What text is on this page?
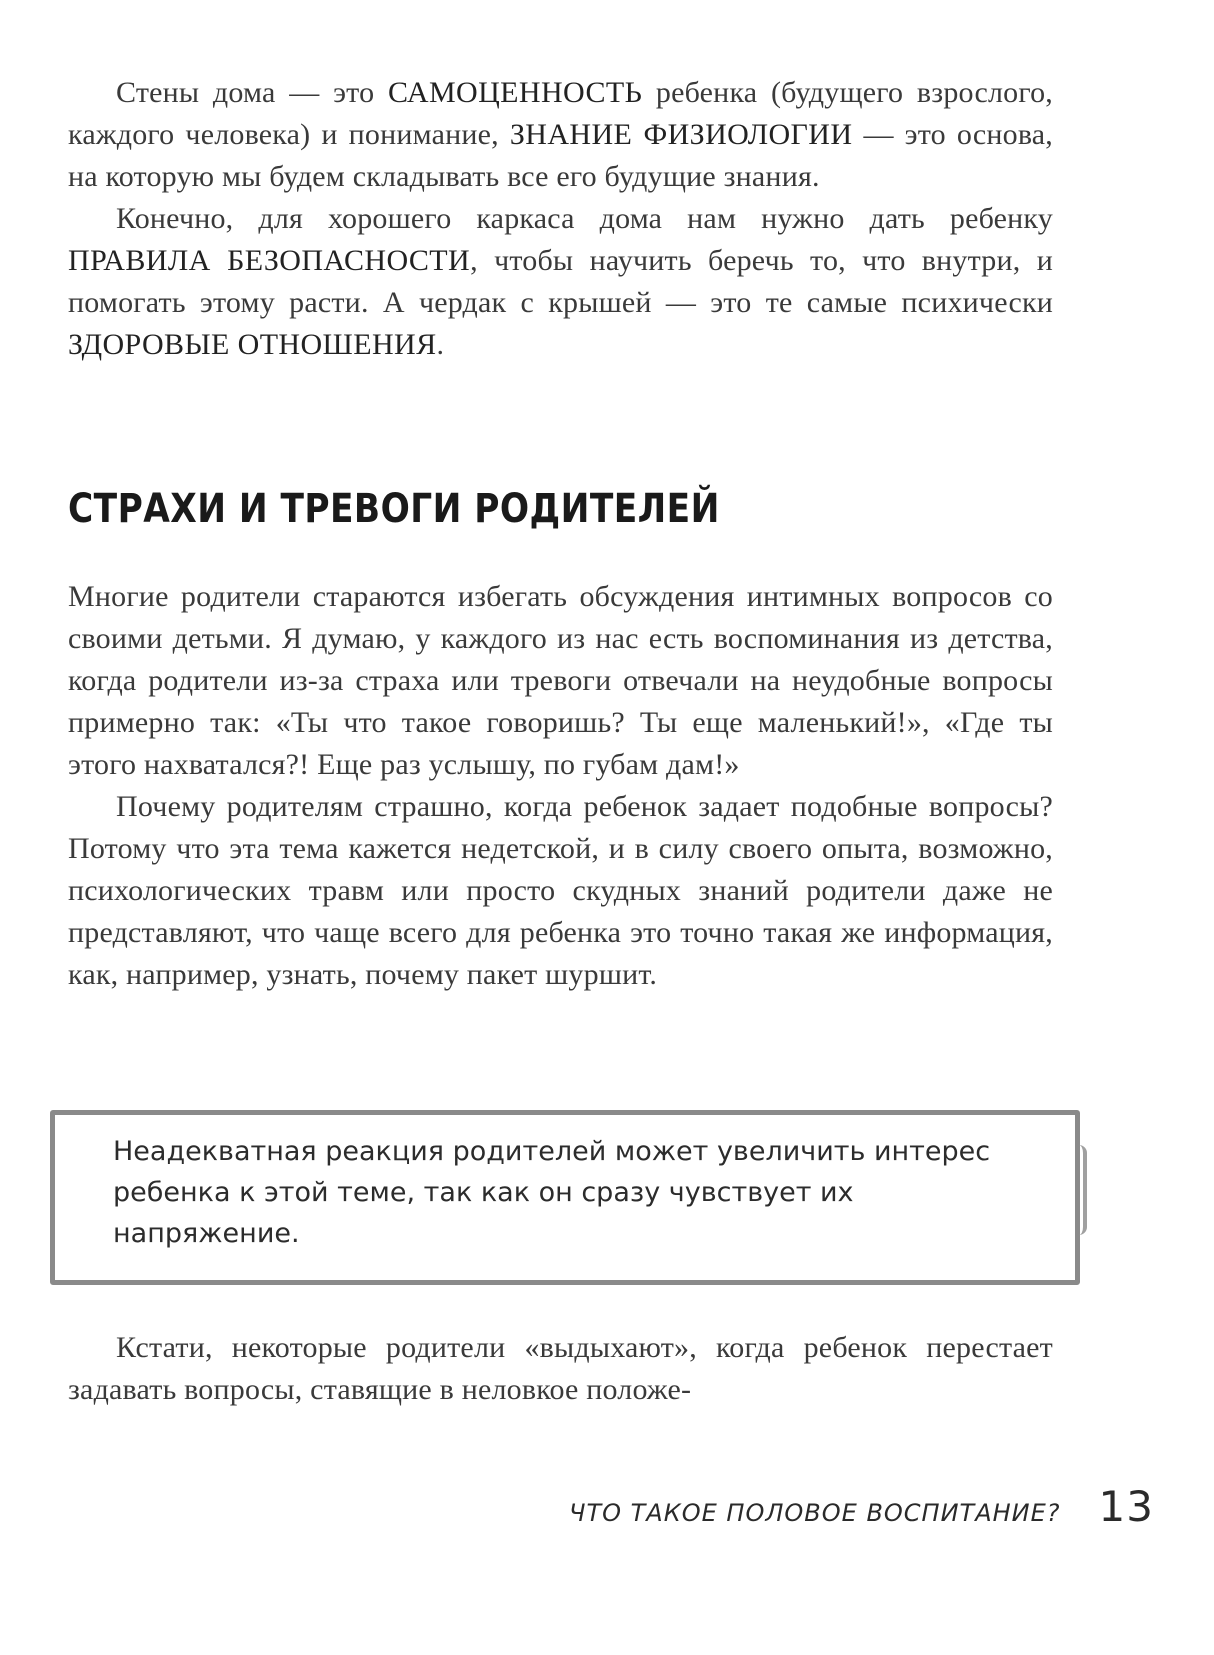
Стены дома — это САМОЦЕННОСТЬ ребенка (будущего взрослого, каждого человека) и понимание, ЗНАНИЕ ФИЗИОЛОГИИ — это основа, на которую мы будем складывать все его будущие знания.

Конечно, для хорошего каркаса дома нам нужно дать ребенку ПРАВИЛА БЕЗОПАСНОСТИ, чтобы научить беречь то, что внутри, и помогать этому расти. А чердак с крышей — это те самые психически ЗДОРОВЫЕ ОТНОШЕНИЯ.

СТРАХИ И ТРЕВОГИ РОДИТЕЛЕЙ

Многие родители стараются избегать обсуждения интимных вопросов со своими детьми. Я думаю, у каждого из нас есть воспоминания из детства, когда родители из-за страха или тревоги отвечали на неудобные вопросы примерно так: «Ты что такое говоришь? Ты еще маленький!», «Где ты этого нахватался?! Еще раз услышу, по губам дам!»

Почему родителям страшно, когда ребенок задает подобные вопросы? Потому что эта тема кажется недетской, и в силу своего опыта, возможно, психологических травм или просто скудных знаний родители даже не представляют, что чаще всего для ребенка это точно такая же информация, как, например, узнать, почему пакет шуршит.

Неадекватная реакция родителей может увеличить интерес ребенка к этой теме, так как он сразу чувствует их напряжение.

Кстати, некоторые родители «выдыхают», когда ребенок перестает задавать вопросы, ставящие в неловкое положе-

ЧТО ТАКОЕ ПОЛОВОЕ ВОСПИТАНИЕ? 13
